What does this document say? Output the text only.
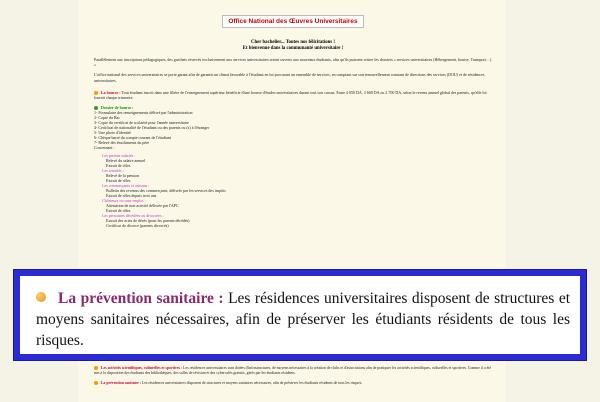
Office National des Œuvres Universitaires
Cher bachelier... Toutes nos félicitations !
Et bienvenue dans la communauté universitaire !

Parallèlement aux inscriptions pédagogiques, des guichets réservés exclusivement aux services universitaires seront ouverts aux nouveaux étudiants, afin qu'ils puissent retirer les dossiers « services universitaires (Hébergement, bourse, Transport…) »

L'office national des services universitaires se porte garant afin de garantir un climat favorable à l'étudiant en lui procurant un ensemble de services, en comptant sur son renouvellement constant de directions des services (DOU) et de résidences universitaires.

La bourse : Tout étudiant inscrit dans une filière de l'enseignement supérieur bénéficie d'une bourse d'études universitaires durant tout son cursus. Entre 4 050 DA, 3 600 DA ou 2 700 DA, selon le revenu annuel global des parents, qu'elle lui fournit chaque trimestre.

Dossier de bourse :
1- Formulaire des renseignements délivré par l'administration
2- Copie du Bac
3- Copie du certificat de scolarité pour l'année universitaire
4- Certificat de nationalité de l'étudiant ou des parents ou (s) à l'étranger
5- Une photo d'identité
6- Chèque barré du compte courant de l'étudiant
7- Relevé des émoluments du père
Concernant :
Les parents salariés :
Relevé du salaire annuel
Extrait de rôles
Les retraités :
Relevé de la pension
Extrait de rôles
Les commerçants et artisans :
Bulletin des revenus des commerçants, délivrés par les services des impôts
Extrait de rôles depuis trois ans
Chômeurs ou sans emploi :
Attestation de non activité délivrée par l'APC
Extrait de rôles
Les personnes décédées ou divorcées :
Extrait des actes de décès (pour les parents décédés)
Certificat de divorce (parents divorcés)

La prévention sanitaire : Les résidences universitaires disposent de structures et moyens sanitaires nécessaires, afin de préserver les étudiants résidents de tous les risques.

Les activités scientifiques, culturelles et sportives : Les résidences universitaires sont dotées d'infrastructures, de moyens nécessaires à la création de clubs et d'associations afin de pratiquer les activités scientifiques, culturelles et sportives. Comme il a été mis à la disposition des étudiants des bibliothèques, des salles de révision et des cybercafés gratuits, gérés par les étudiants résidents.

La prévention sanitaire : Les résidences universitaires disposent de structures et moyens sanitaires nécessaires, afin de préserver les étudiants résidents de tous les risques.
